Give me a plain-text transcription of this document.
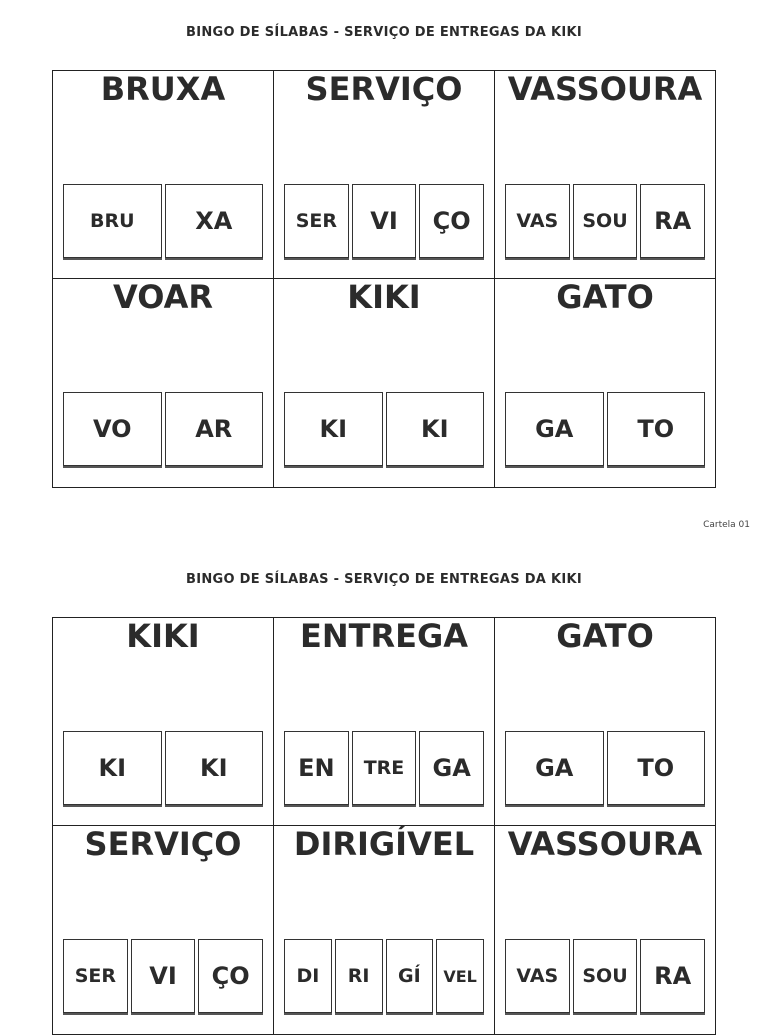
BINGO DE SÍLABAS - SERVIÇO DE ENTREGAS DA KIKI
BRUXA
BRU	XA
SERVIÇO
SER	VI	ÇO
VASSOURA
VAS	SOU	RA
VOAR
VO	AR
KIKI
KI	KI
GATO
GA	TO
Cartela 01
BINGO DE SÍLABAS - SERVIÇO DE ENTREGAS DA KIKI
KIKI
KI	KI
ENTREGA
EN	TRE	GA
GATO
GA	TO
SERVIÇO
SER	VI	ÇO
DIRIGÍVEL
DI	RI	GÍ	VEL
VASSOURA
VAS	SOU	RA
